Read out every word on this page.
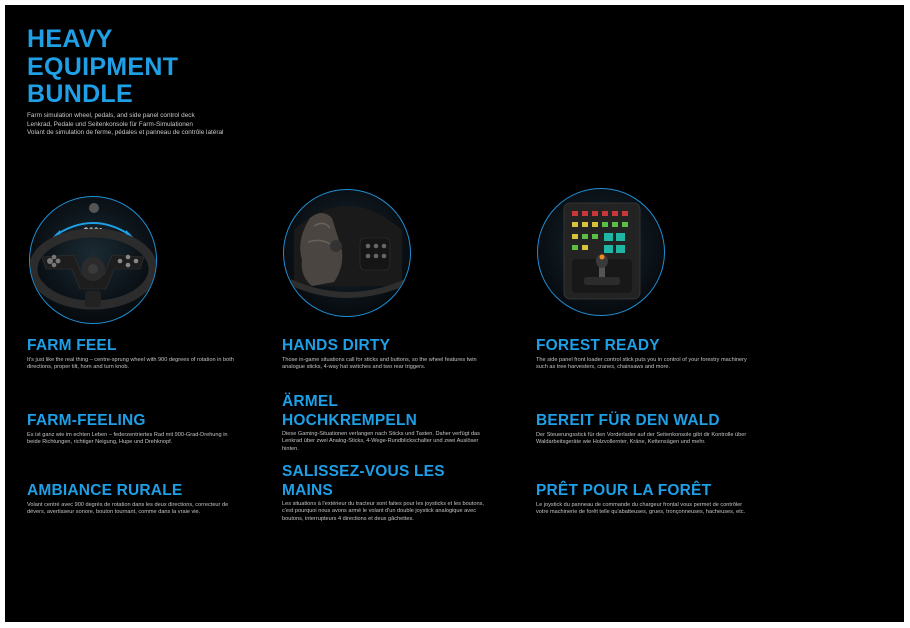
HEAVY
EQUIPMENT
BUNDLE
Farm simulation wheel, pedals, and side panel control deck
Lenkrad, Pedale und Seitenkonsole für Farm-Simulationen
Volant de simulation de ferme, pédales et panneau de contrôle latéral
900°
FARM FEEL

It's just like the real thing – centre-sprung wheel with 900 degrees of rotation in both directions, proper tilt, horn and turn knob.

FARM-FEELING

Es ist ganz wie im echten Leben – federzentriertes Rad mit 900-Grad-Drehung in beide Richtungen, richtiger Neigung, Hupe und Drehknopf.

AMBIANCE RURALE

Volant centré avec 900 degrés de rotation dans les deux directions, correcteur de dévers, avertisseur sonore, bouton tournant, comme dans la vraie vie.

HANDS DIRTY

Those in-game situations call for sticks and buttons, so the wheel features twin analogue sticks, 4-way hat switches and two rear triggers.

ÄRMEL HOCHKREMPELN

Diese Gaming-Situationen verlangen nach Sticks und Tasten. Daher verfügt das Lenkrad über zwei Analog-Sticks, 4-Wege-Rundblickschalter und zwei Auslöser hinten.

SALISSEZ-VOUS LES MAINS

Les situations à l'extérieur du tracteur sont faites pour les joysticks et les boutons, c'est pourquoi nous avons armé le volant d'un double joystick analogique avec boutons, interrupteurs 4 directions et deux gâchettes.

FOREST READY

The side panel front loader control stick puts you in control of your forestry machinery such as tree harvesters, cranes, chainsaws and more.

BEREIT FÜR DEN WALD

Der Steuerungsstick für den Vorderlader auf der Seitenkonsole gibt dir Kontrolle über Waldarbeitsgeräte wie Holzvollernter, Kräne, Kettensägen und mehr.

PRÊT POUR LA FORÊT

Le joystick du panneau de commande du chargeur frontal vous permet de contrôler votre machinerie de forêt telle qu'abatteuses, grues, tronçonneuses, hacheuses, etc.
